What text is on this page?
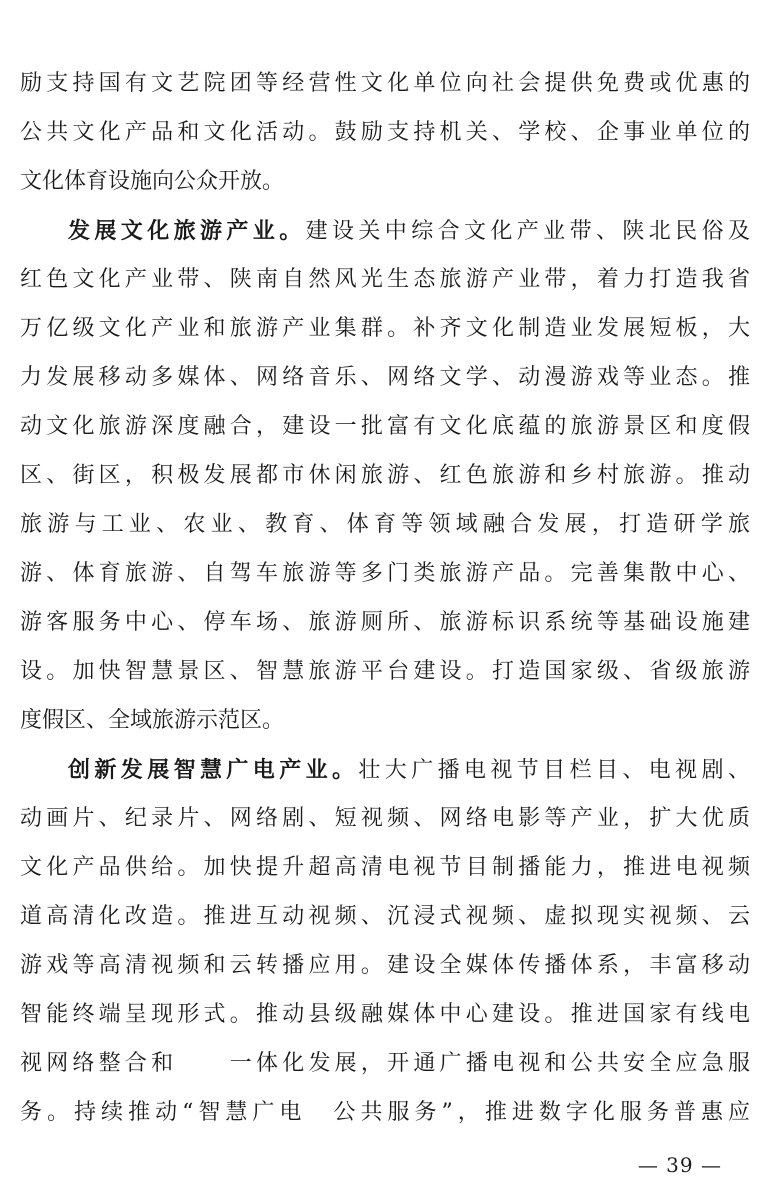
励支持国有文艺院团等经营性文化单位向社会提供免费或优惠的
公共文化产品和文化活动。鼓励支持机关、学校、企事业单位的
文化体育设施向公众开放。
发展文化旅游产业。建设关中综合文化产业带、陕北民俗及
红色文化产业带、陕南自然风光生态旅游产业带，着力打造我省
万亿级文化产业和旅游产业集群。补齐文化制造业发展短板，大
力发展移动多媒体、网络音乐、网络文学、动漫游戏等业态。推
动文化旅游深度融合，建设一批富有文化底蕴的旅游景区和度假
区、街区，积极发展都市休闲旅游、红色旅游和乡村旅游。推动
旅游与工业、农业、教育、体育等领域融合发展，打造研学旅
游、体育旅游、自驾车旅游等多门类旅游产品。完善集散中心、
游客服务中心、停车场、旅游厕所、旅游标识系统等基础设施建
设。加快智慧景区、智慧旅游平台建设。打造国家级、省级旅游
度假区、全域旅游示范区。
创新发展智慧广电产业。壮大广播电视节目栏目、电视剧、
动画片、纪录片、网络剧、短视频、网络电影等产业，扩大优质
文化产品供给。加快提升超高清电视节目制播能力，推进电视频
道高清化改造。推进互动视频、沉浸式视频、虚拟现实视频、云
游戏等高清视频和云转播应用。建设全媒体传播体系，丰富移动
智能终端呈现形式。推动县级融媒体中心建设。推进国家有线电
视网络整合和　　一体化发展，开通广播电视和公共安全应急服
务。持续推动“智慧广电　公共服务”，推进数字化服务普惠应
— 39 —
